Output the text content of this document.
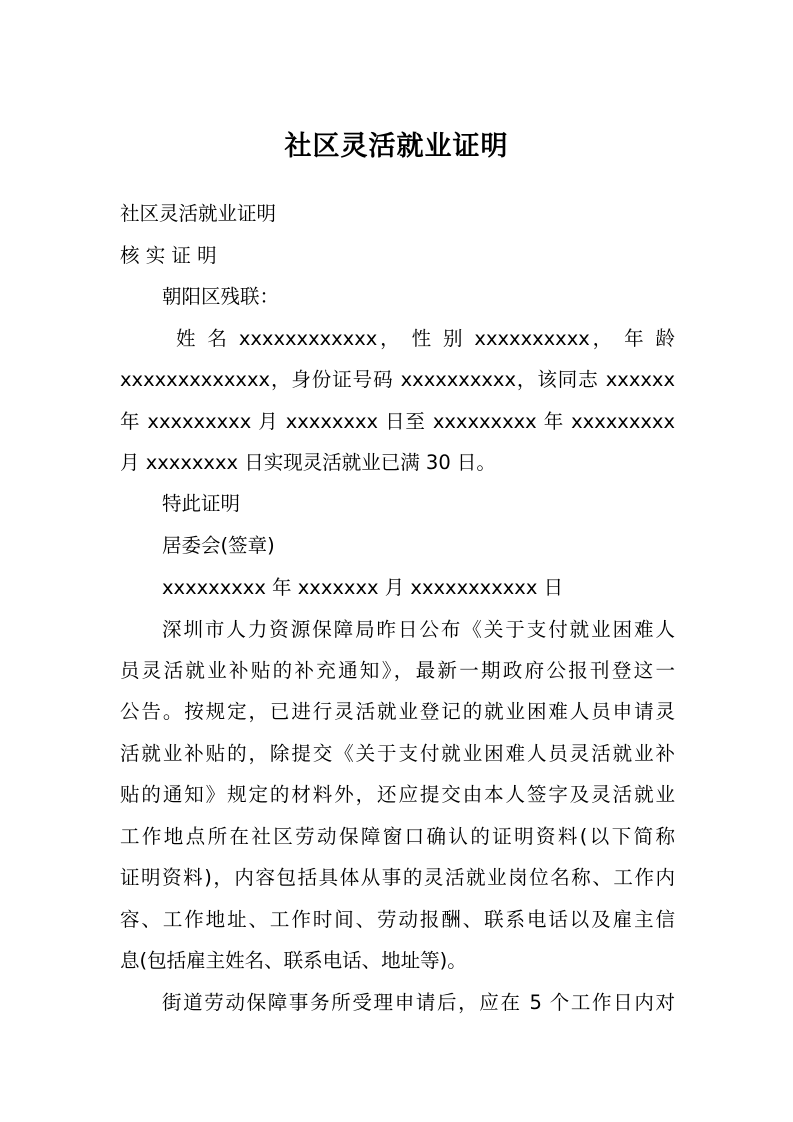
社区灵活就业证明
社区灵活就业证明
核 实 证 明
朝阳区残联：
姓 名 xxxxxxxxxxxx， 性 别 xxxxxxxxxx， 年 龄
xxxxxxxxxxxxx，身份证号码 xxxxxxxxxx，该同志 xxxxxx
年 xxxxxxxxx 月 xxxxxxxx 日至 xxxxxxxxx 年 xxxxxxxxx
月 xxxxxxxx 日实现灵活就业已满 30 日。
特此证明
居委会(签章)
xxxxxxxxx 年 xxxxxxx 月 xxxxxxxxxxx 日
深圳市人力资源保障局昨日公布《关于支付就业困难人
员灵活就业补贴的补充通知》，最新一期政府公报刊登这一
公告。按规定，已进行灵活就业登记的就业困难人员申请灵
活就业补贴的，除提交《关于支付就业困难人员灵活就业补
贴的通知》规定的材料外，还应提交由本人签字及灵活就业
工作地点所在社区劳动保障窗口确认的证明资料(以下简称
证明资料)，内容包括具体从事的灵活就业岗位名称、工作内
容、工作地址、工作时间、劳动报酬、联系电话以及雇主信
息(包括雇主姓名、联系电话、地址等)。
街道劳动保障事务所受理申请后，应在 5 个工作日内对
